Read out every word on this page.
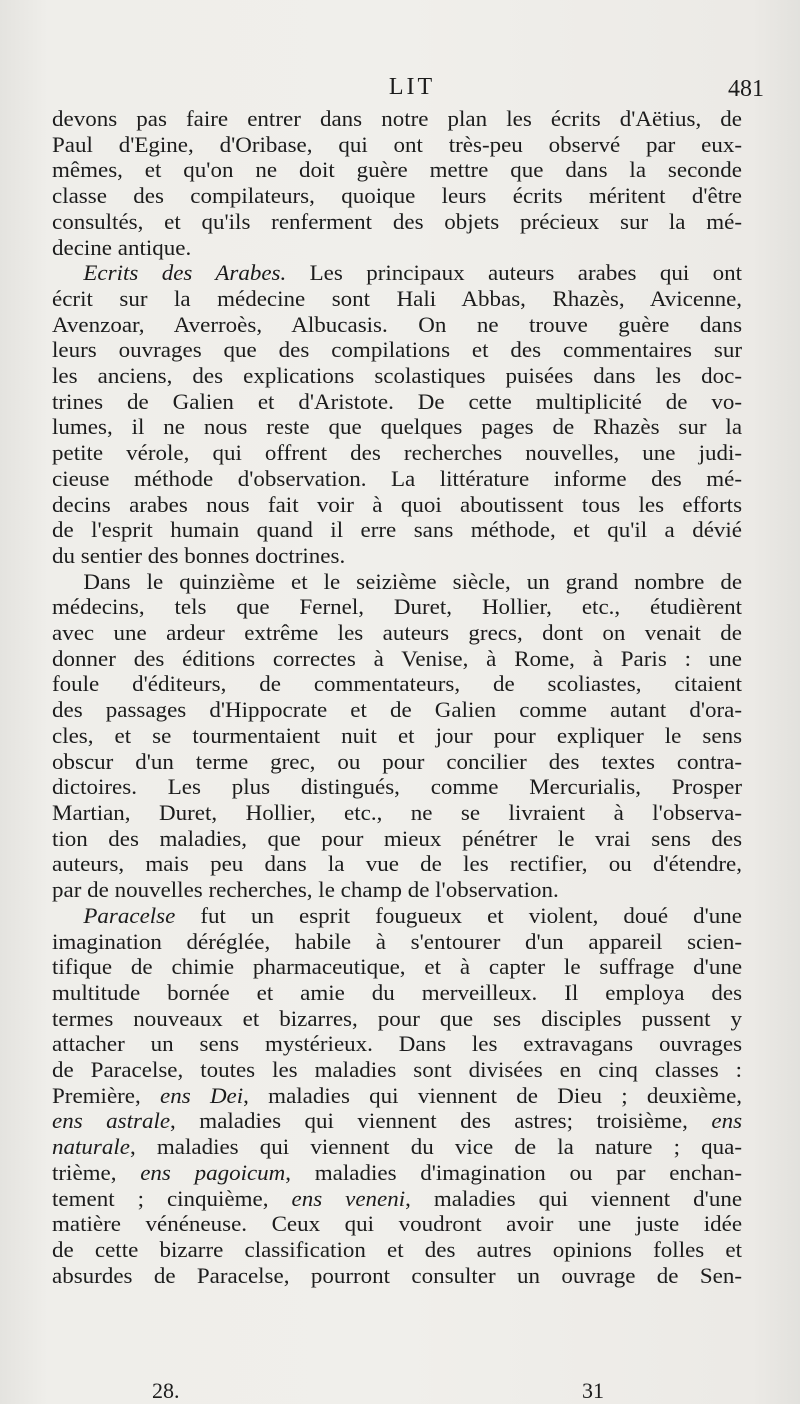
LIT	481
devons pas faire entrer dans notre plan les écrits d'Aëtius, de
Paul d'Egine, d'Oribase, qui ont très-peu observé par eux-
mêmes, et qu'on ne doit guère mettre que dans la seconde
classe des compilateurs, quoique leurs écrits méritent d'être
consultés, et qu'ils renferment des objets précieux sur la mé-
decine antique.
Ecrits des Arabes. Les principaux auteurs arabes qui ont
écrit sur la médecine sont Hali Abbas, Rhazès, Avicenne,
Avenzoar, Averroès, Albucasis. On ne trouve guère dans
leurs ouvrages que des compilations et des commentaires sur
les anciens, des explications scolastiques puisées dans les doc-
trines de Galien et d'Aristote. De cette multiplicité de vo-
lumes, il ne nous reste que quelques pages de Rhazès sur la
petite vérole, qui offrent des recherches nouvelles, une judi-
cieuse méthode d'observation. La littérature informe des mé-
decins arabes nous fait voir à quoi aboutissent tous les efforts
de l'esprit humain quand il erre sans méthode, et qu'il a dévié
du sentier des bonnes doctrines.
Dans le quinzième et le seizième siècle, un grand nombre de
médecins, tels que Fernel, Duret, Hollier, etc., étudièrent
avec une ardeur extrême les auteurs grecs, dont on venait de
donner des éditions correctes à Venise, à Rome, à Paris : une
foule d'éditeurs, de commentateurs, de scoliastes, citaient
des passages d'Hippocrate et de Galien comme autant d'ora-
cles, et se tourmentaient nuit et jour pour expliquer le sens
obscur d'un terme grec, ou pour concilier des textes contra-
dictoires. Les plus distingués, comme Mercurialis, Prosper
Martian, Duret, Hollier, etc., ne se livraient à l'observa-
tion des maladies, que pour mieux pénétrer le vrai sens des
auteurs, mais peu dans la vue de les rectifier, ou d'étendre,
par de nouvelles recherches, le champ de l'observation.
Paracelse fut un esprit fougueux et violent, doué d'une
imagination déréglée, habile à s'entourer d'un appareil scien-
tifique de chimie pharmaceutique, et à capter le suffrage d'une
multitude bornée et amie du merveilleux. Il employa des
termes nouveaux et bizarres, pour que ses disciples pussent y
attacher un sens mystérieux. Dans les extravagans ouvrages
de Paracelse, toutes les maladies sont divisées en cinq classes :
Première, ens Dei, maladies qui viennent de Dieu ; deuxième,
ens astrale, maladies qui viennent des astres; troisième, ens
naturale, maladies qui viennent du vice de la nature ; qua-
trième, ens pagoicum, maladies d'imagination ou par enchan-
tement ; cinquième, ens veneni, maladies qui viennent d'une
matière vénéneuse. Ceux qui voudront avoir une juste idée
de cette bizarre classification et des autres opinions folles et
absurdes de Paracelse, pourront consulter un ouvrage de Sen-
28.	31
